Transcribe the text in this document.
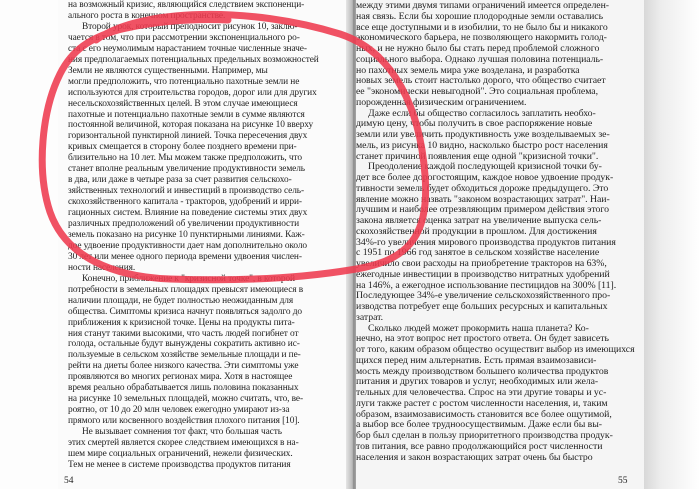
на возможный кризис, являющийся следствием экспоненци-
ального роста в конечном пространстве.
Второй урок, который преподносит рисунок 10, заклю-
чается в том, что при рассмотрении экспоненциального ро-
ста с его неумолимым нарастанием точные численные значе-
ния предполагаемых потенциальных предельных возможностей
Земли не являются существенными. Например, мы
могли предположить, что потенциально пахотные земли не
используются для строительства городов, дорог или для других
несельскохозяйственных целей. В этом случае имеющиеся
пахотные и потенциально пахотные земли в сумме являются
постоянной величиной, которая показана на рисунке 10 вверху
горизонтальной пунктирной линией. Точка пересечения двух
кривых смещается в сторону более позднего времени при-
близительно на 10 лет. Мы можем также предположить, что
станет вполне реальным увеличение продуктивности земель
в два, или даже в четыре раза за счет развития сельскохо-
зяйственных технологий и инвестиций в производство сель-
скохозяйственного капитала - тракторов, удобрений и ирри-
гационных систем. Влияние на поведение системы этих двух
различных предположений об увеличении продуктивности
земель показано на рисунке 10 пунктирными линиями. Каж-
дое удвоение продуктивности дает нам дополнительно около
30 лет или менее одного периода времени удвоения числен-
ности населения.
Конечно, приближение к "кризисной точке", в которой
потребности в земельных площадях превысят имеющиеся в
наличии площади, не будет полностью неожиданным для
общества. Симптомы кризиса начнут появляться задолго до
приближения к кризисной точке. Цены на продукты пита-
ния станут такими высокими, что часть людей погибнет от
голода, остальные будут вынуждены сократить активно ис-
пользуемые в сельском хозяйстве земельные площади и пе-
рейти на диеты более низкого качества. Эти симптомы уже
проявляются во многих регионах мира. Хотя в настоящее
время реально обрабатывается лишь половина показанных
на рисунке 10 земельных площадей, можно считать, что, ве-
роятно, от 10 до 20 млн человек ежегодно умирают из-за
прямого или косвенного воздействия плохого питания [10].
Не вызывает сомнения тот факт, что большая часть
этих смертей является скорее следствием имеющихся в на-
шем мире социальных ограничений, нежели физических.
Тем не менее в системе производства продуктов питания
54
между этими двумя типами ограничений имеется определен-
ная связь. Если бы хорошие плодородные земли оставались
все еще доступными и в изобилии, то не было бы и никакого
экономического барьера, не позволяющего накормить голод-
ных, и не нужно было бы стать перед проблемой сложного
социального выбора. Однако лучшая половина потенциаль-
но пахотных земель мира уже возделана, и разработка
новых земель стоит настолько дорого, что общество считает
ее "экономически невыгодной". Это социальная проблема,
порожденная физическим ограничением.
Даже если бы общество согласилось заплатить необхо-
димую цену, чтобы получить в свое распоряжение новые
земли или увеличить продуктивность уже возделываемых зе-
мель, из рисунка 10 видно, насколько быстро рост населения
станет причиной появления еще одной "кризисной точки".
Преодоление каждой последующей кризисной точки бу-
дет все более дорогостоящим, каждое новое удвоение продук-
тивности земель будет обходиться дороже предыдущего. Это
явление можно назвать "законом возрастающих затрат". Наи-
лучшим и наиболее отрезвляющим примером действия этого
закона является оценка затрат на увеличение выпуска сель-
скохозяйственной продукции в прошлом. Для достижения
34%-го увеличения мирового производства продуктов питания
с 1951 по 1966 год занятое в сельском хозяйстве население
увеличило свои расходы на приобретение тракторов на 63%,
ежегодные инвестиции в производство нитратных удобрений
на 146%, а ежегодное использование пестицидов на 300% [11].
Последующее 34%-е увеличение сельскохозяйственного про-
изводства потребует еще больших ресурсных и капитальных
затрат.
Сколько людей может прокормить наша планета? Ко-
нечно, на этот вопрос нет простого ответа. Он будет зависеть
от того, каким образом общество осуществит выбор из имеющихся
щихся перед ним альтернатив. Есть прямая взаимозависи-
мость между производством большего количества продуктов
питания и других товаров и услуг, необходимых или жела-
тельных для человечества. Спрос на эти другие товары и ус-
луги также растет с ростом численности населения, и, таким
образом, взаимозависимость становится все более ощутимой,
а выбор все более трудноосуществимым. Даже если бы вы-
бор был сделан в пользу приоритетного производства продук-
тов питания, все равно продолжающийся рост численности
населения и закон возрастающих затрат очень бы быстро
55
